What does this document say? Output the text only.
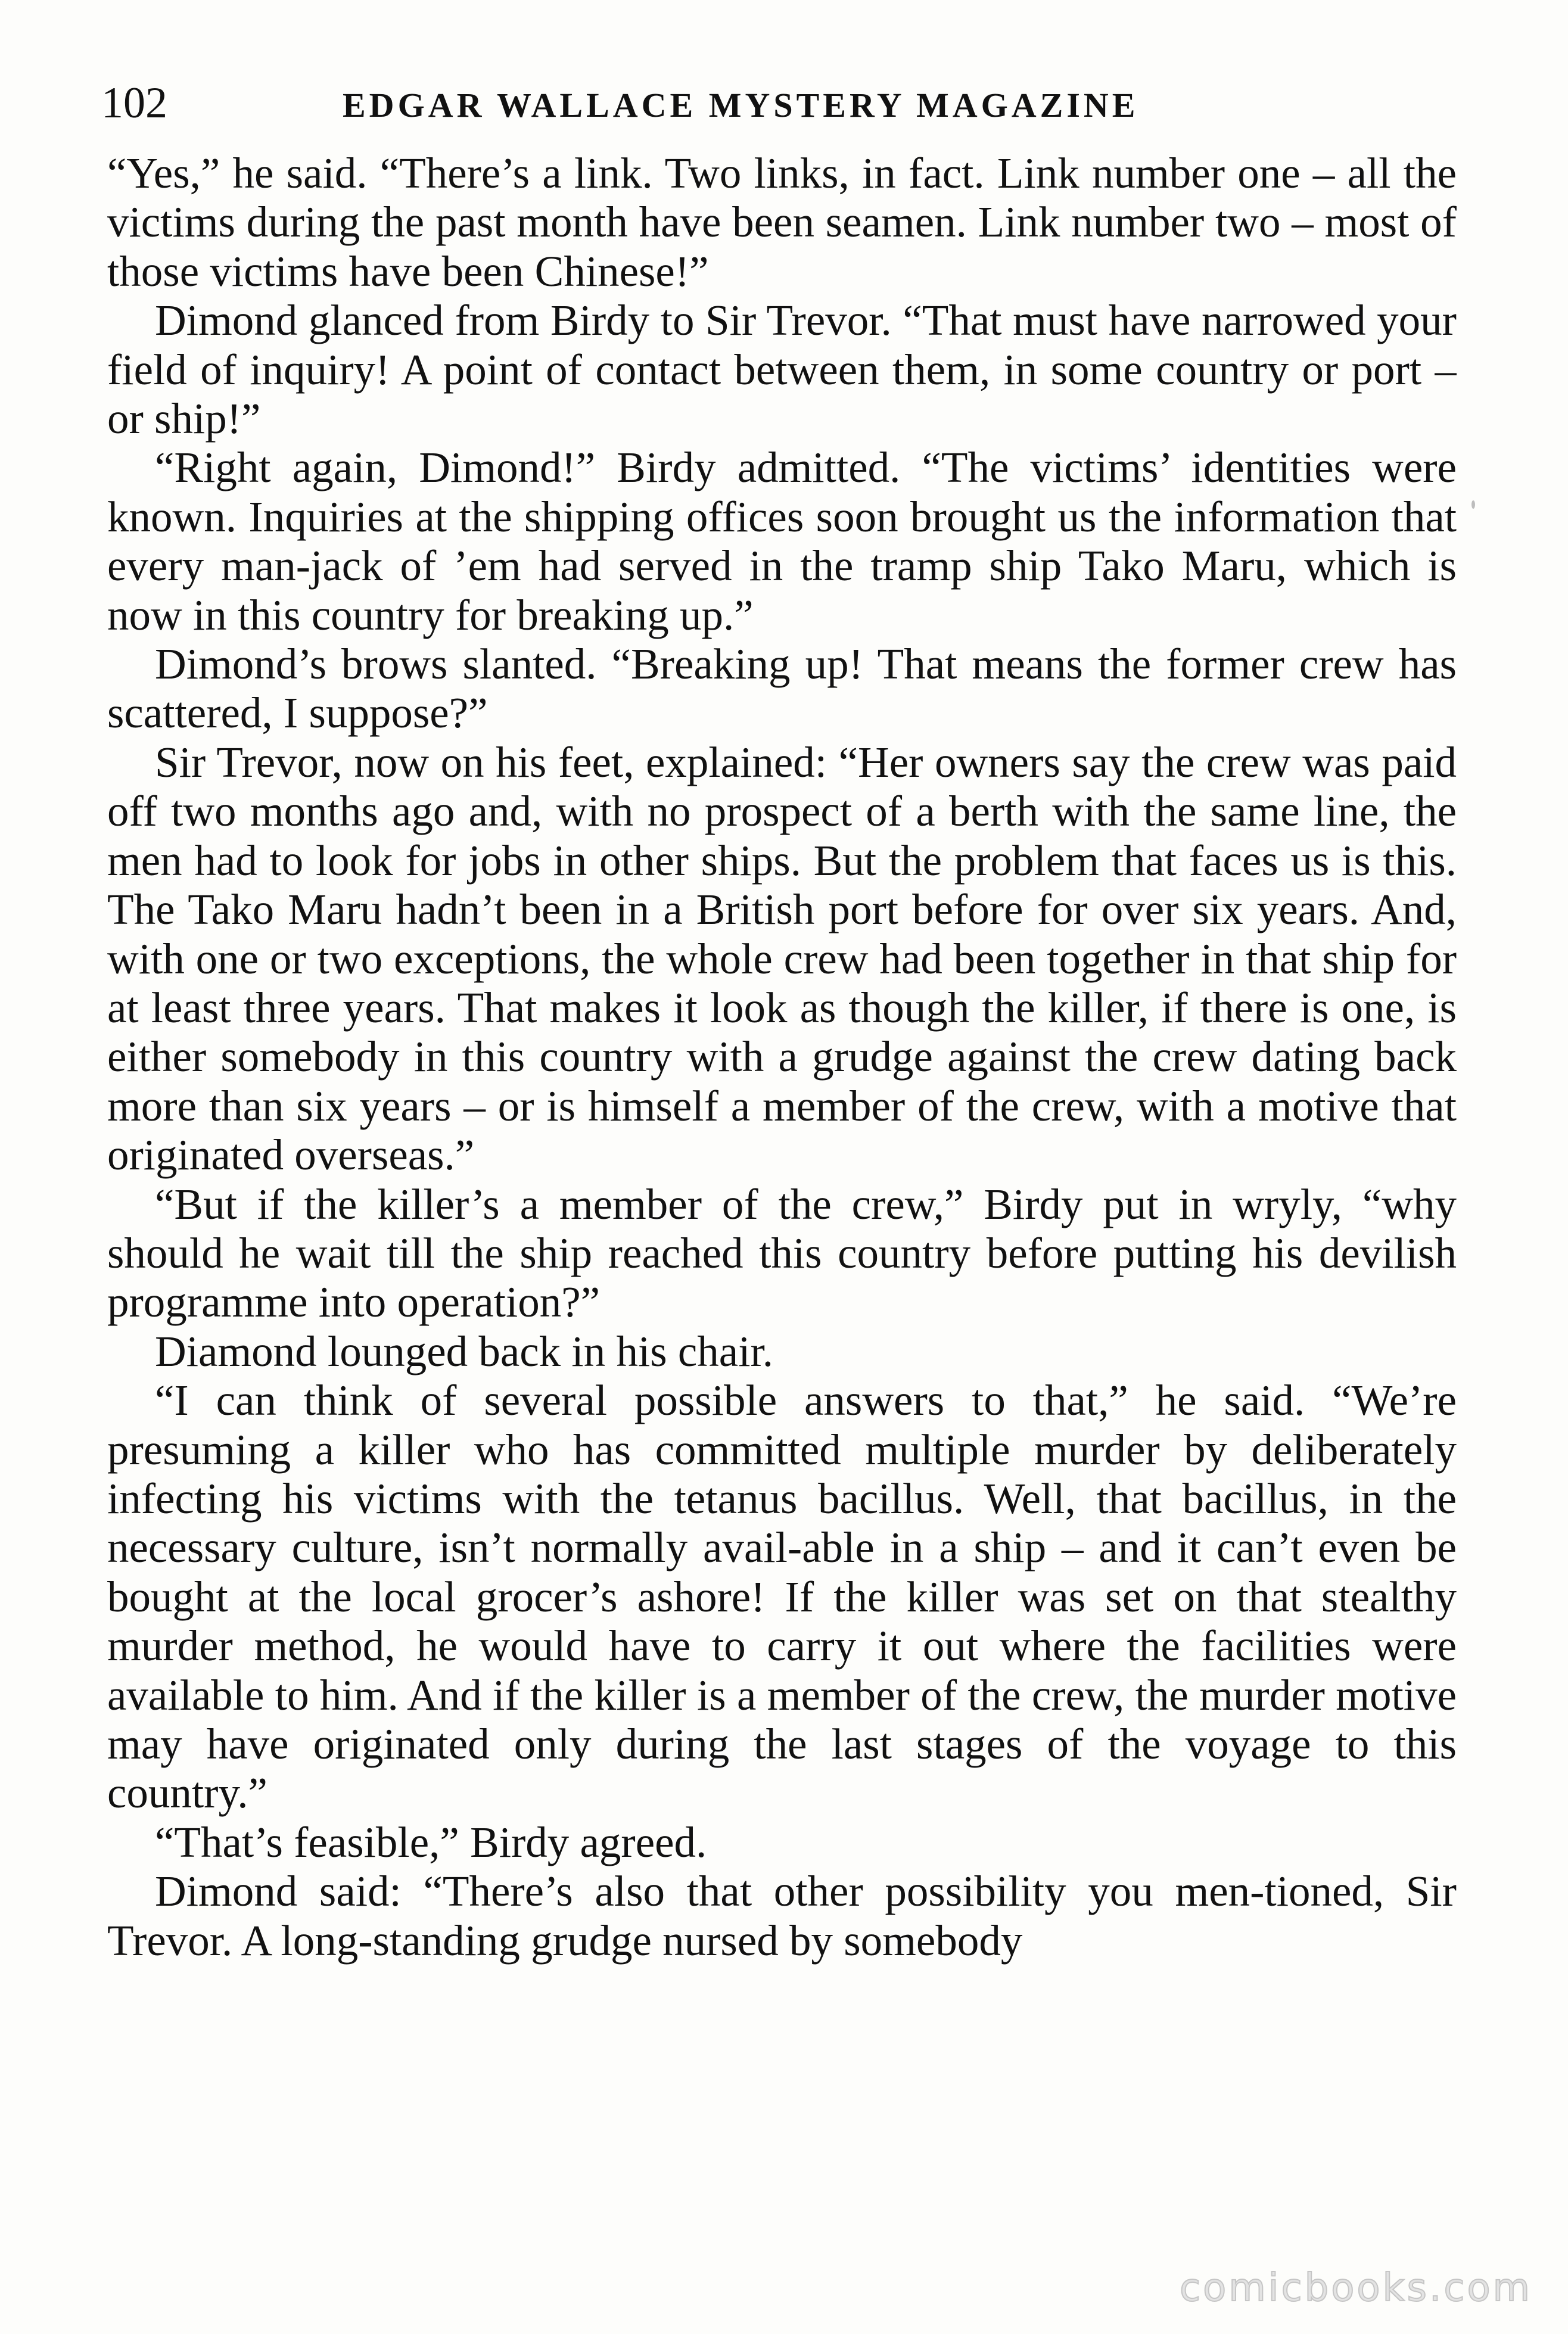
102	EDGAR WALLACE MYSTERY MAGAZINE

“Yes,” he said. “There’s a link. Two links, in fact. Link number one – all the victims during the past month have been seamen. Link number two – most of those victims have been Chinese!”

Dimond glanced from Birdy to Sir Trevor. “That must have narrowed your field of inquiry! A point of contact between them, in some country or port – or ship!”

“Right again, Dimond!” Birdy admitted. “The victims’ identities were known. Inquiries at the shipping offices soon brought us the information that every man-jack of ’em had served in the tramp ship Tako Maru, which is now in this country for breaking up.”

Dimond’s brows slanted. “Breaking up! That means the former crew has scattered, I suppose?”

Sir Trevor, now on his feet, explained: “Her owners say the crew was paid off two months ago and, with no prospect of a berth with the same line, the men had to look for jobs in other ships. But the problem that faces us is this. The Tako Maru hadn’t been in a British port before for over six years. And, with one or two exceptions, the whole crew had been together in that ship for at least three years. That makes it look as though the killer, if there is one, is either somebody in this country with a grudge against the crew dating back more than six years – or is himself a member of the crew, with a motive that originated overseas.”

“But if the killer’s a member of the crew,” Birdy put in wryly, “why should he wait till the ship reached this country before putting his devilish programme into operation?”

Diamond lounged back in his chair.

“I can think of several possible answers to that,” he said. “We’re presuming a killer who has committed multiple murder by deliberately infecting his victims with the tetanus bacillus. Well, that bacillus, in the necessary culture, isn’t normally avail-able in a ship – and it can’t even be bought at the local grocer’s ashore! If the killer was set on that stealthy murder method, he would have to carry it out where the facilities were available to him. And if the killer is a member of the crew, the murder motive may have originated only during the last stages of the voyage to this country.”

“That’s feasible,” Birdy agreed.

Dimond said: “There’s also that other possibility you men-tioned, Sir Trevor. A long-standing grudge nursed by somebody

comicbooks.com
